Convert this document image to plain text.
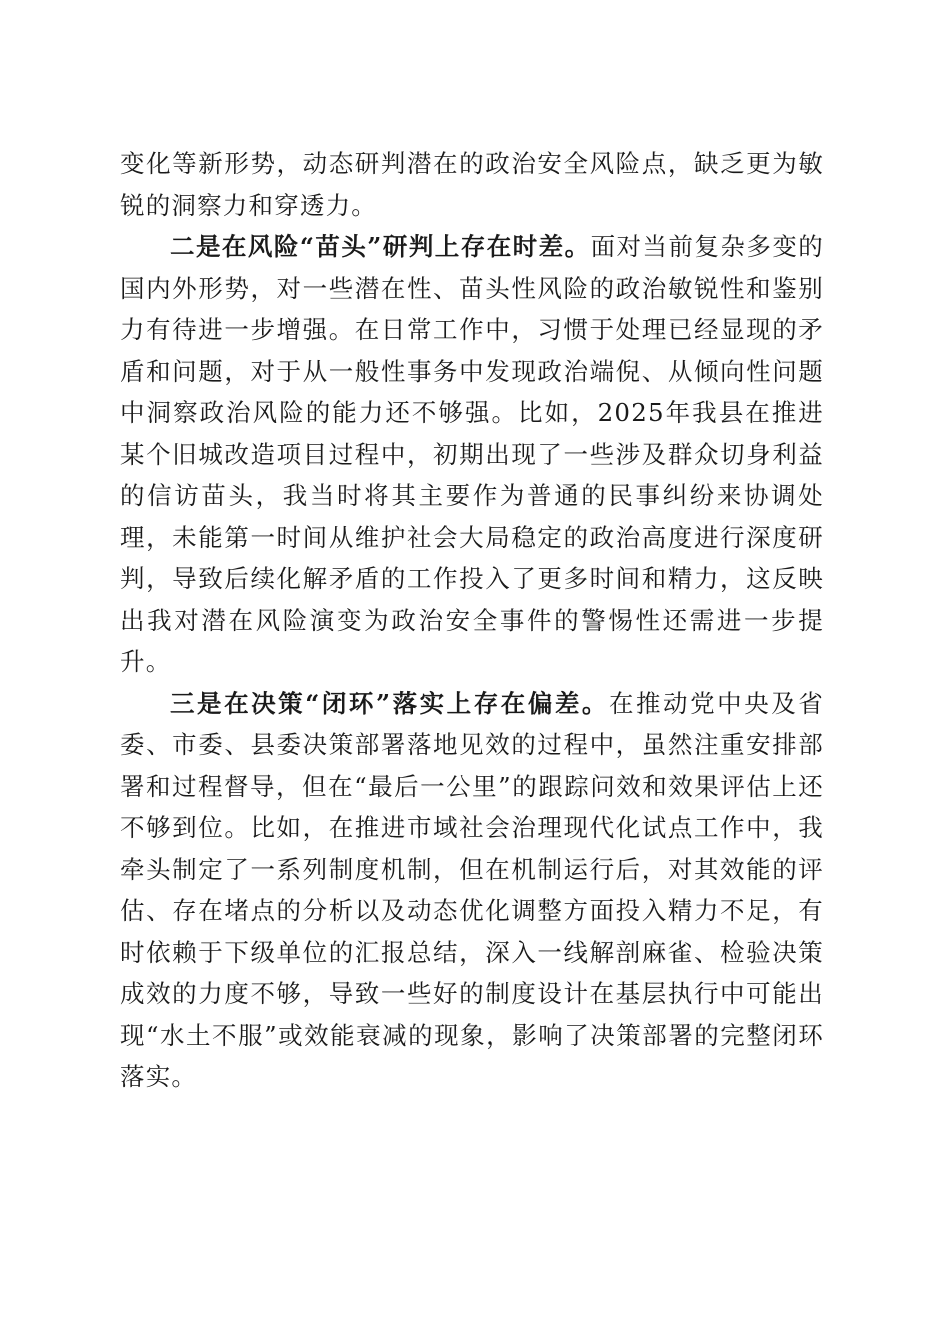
变化等新形势，动态研判潜在的政治安全风险点，缺乏更为敏锐的洞察力和穿透力。

二是在风险“苗头”研判上存在时差。面对当前复杂多变的国内外形势，对一些潜在性、苗头性风险的政治敏锐性和鉴别力有待进一步增强。在日常工作中，习惯于处理已经显现的矛盾和问题，对于从一般性事务中发现政治端倪、从倾向性问题中洞察政治风险的能力还不够强。比如，2025年我县在推进某个旧城改造项目过程中，初期出现了一些涉及群众切身利益的信访苗头，我当时将其主要作为普通的民事纠纷来协调处理，未能第一时间从维护社会大局稳定的政治高度进行深度研判，导致后续化解矛盾的工作投入了更多时间和精力，这反映出我对潜在风险演变为政治安全事件的警惕性还需进一步提升。

三是在决策“闭环”落实上存在偏差。在推动党中央及省委、市委、县委决策部署落地见效的过程中，虽然注重安排部署和过程督导，但在“最后一公里”的跟踪问效和效果评估上还不够到位。比如，在推进市域社会治理现代化试点工作中，我牵头制定了一系列制度机制，但在机制运行后，对其效能的评估、存在堵点的分析以及动态优化调整方面投入精力不足，有时依赖于下级单位的汇报总结，深入一线解剖麻雀、检验决策成效的力度不够，导致一些好的制度设计在基层执行中可能出现“水土不服”或效能衰减的现象，影响了决策部署的完整闭环落实。
